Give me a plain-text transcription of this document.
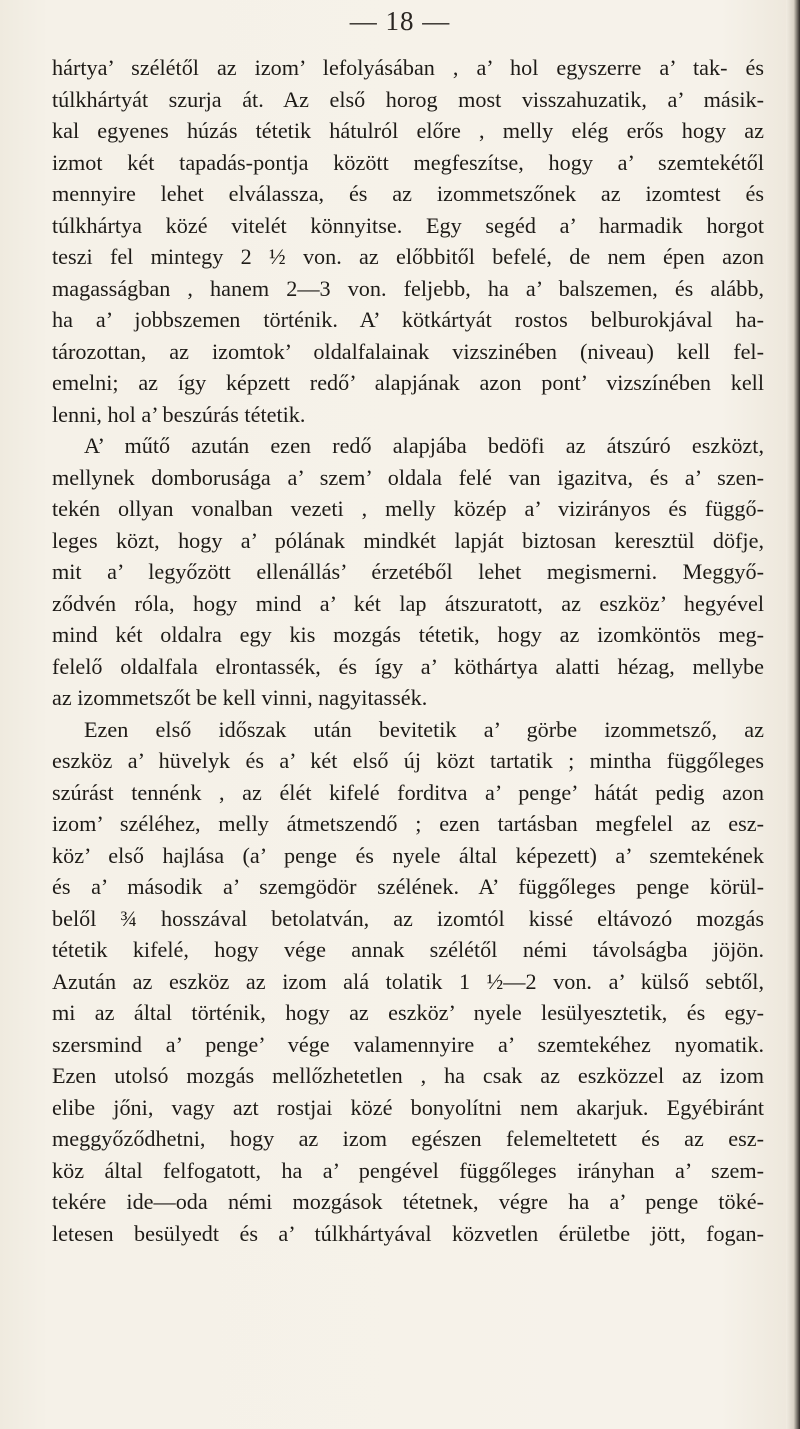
— 18 —
hártya’ szélétől az izom’ lefolyásában , a’ hol egyszerre a’ tak- és
túlkhártyát szurja át. Az első horog most visszahuzatik, a’ másik-
kal egyenes húzás tétetik hátulról előre , melly elég erős hogy az
izmot két tapadás-pontja között megfeszítse, hogy a’ szemtekétől
mennyire lehet elválassza, és az izommetszőnek az izomtest és
túlkhártya közé vitelét könnyitse. Egy segéd a’ harmadik horgot
teszi fel mintegy 2 ½ von. az előbbitől befelé, de nem épen azon
magasságban , hanem 2—3 von. feljebb, ha a’ balszemen, és alább,
ha a’ jobbszemen történik. A’ kötkártyát rostos belburokjával ha-
tározottan, az izomtok’ oldalfalainak vizszinében (niveau) kell fel-
emelni; az így képzett redő’ alapjának azon pont’ vizszínében kell
lenni, hol a’ beszúrás tétetik.
A’ műtő azután ezen redő alapjába bedöfi az átszúró eszközt,
mellynek domborusága a’ szem’ oldala felé van igazitva, és a’ szen-
tekén ollyan vonalban vezeti , melly közép a’ vizirányos és függő-
leges közt, hogy a’ pólának mindkét lapját biztosan keresztül döfje,
mit a’ legyőzött ellenállás’ érzetéből lehet megismerni. Meggyő-
ződvén róla, hogy mind a’ két lap átszuratott, az eszköz’ hegyével
mind két oldalra egy kis mozgás tétetik, hogy az izomköntös meg-
felelő oldalfala elrontassék, és így a’ köthártya alatti hézag, mellybe
az izommetszőt be kell vinni, nagyitassék.
Ezen első időszak után bevitetik a’ görbe izommetsző, az
eszköz a’ hüvelyk és a’ két első új közt tartatik ; mintha függőleges
szúrást tennénk , az élét kifelé forditva a’ penge’ hátát pedig azon
izom’ széléhez, melly átmetszendő ; ezen tartásban megfelel az esz-
köz’ első hajlása (a’ penge és nyele által képezett) a’ szemtekének
és a’ második a’ szemgödör szélének. A’ függőleges penge körül-
belől ¾ hosszával betolatván, az izomtól kissé eltávozó mozgás
tétetik kifelé, hogy vége annak szélétől némi távolságba jöjön.
Azután az eszköz az izom alá tolatik 1 ½—2 von. a’ külső sebtől,
mi az által történik, hogy az eszköz’ nyele lesülyesztetik, és egy-
szersmind a’ penge’ vége valamennyire a’ szemtekéhez nyomatik.
Ezen utolsó mozgás mellőzhetetlen , ha csak az eszközzel az izom
elibe jőni, vagy azt rostjai közé bonyolítni nem akarjuk. Egyébiránt
meggyőződhetni, hogy az izom egészen felemeltetett és az esz-
köz által felfogatott, ha a’ pengével függőleges irányhan a’ szem-
tekére ide—oda némi mozgások tétetnek, végre ha a’ penge töké-
letesen besülyedt és a’ túlkhártyával közvetlen érületbe jött, fogan-
